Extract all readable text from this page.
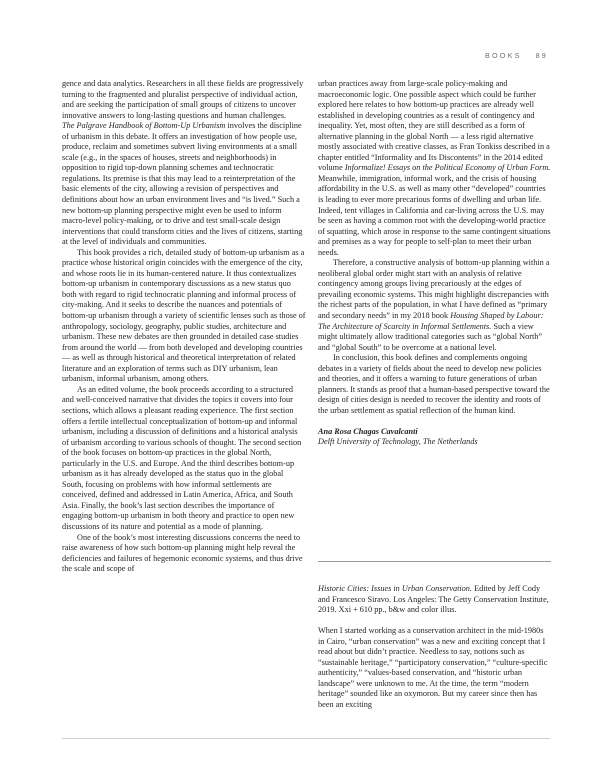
BOOKS 89

gence and data analytics. Researchers in all these fields are progressively turning to the fragmented and pluralist perspective of individual action, and are seeking the participation of small groups of citizens to uncover innovative answers to long-lasting questions and human challenges. The Palgrave Handbook of Bottom-Up Urbanism involves the discipline of urbanism in this debate. It offers an investigation of how people use, produce, reclaim and sometimes subvert living environments at a small scale (e.g., in the spaces of houses, streets and neighborhoods) in opposition to rigid top-down planning schemes and technocratic regulations. Its premise is that this may lead to a reinterpretation of the basic elements of the city, allowing a revision of perspectives and definitions about how an urban environment lives and “is lived.” Such a new bottom-up planning perspective might even be used to inform macro-level policy-making, or to drive and test small-scale design interventions that could transform cities and the lives of citizens, starting at the level of individuals and communities.

This book provides a rich, detailed study of bottom-up urbanism as a practice whose historical origin coincides with the emergence of the city, and whose roots lie in its human-centered nature. It thus contextualizes bottom-up urbanism in contemporary discussions as a new status quo both with regard to rigid technocratic planning and informal process of city-making. And it seeks to describe the nuances and potentials of bottom-up urbanism through a variety of scientific lenses such as those of anthropology, sociology, geography, public studies, architecture and urbanism. These new debates are then grounded in detailed case studies from around the world — from both developed and developing countries — as well as through historical and theoretical interpretation of related literature and an exploration of terms such as DIY urbanism, lean urbanism, informal urbanism, among others.

As an edited volume, the book proceeds according to a structured and well-conceived narrative that divides the topics it covers into four sections, which allows a pleasant reading experience. The first section offers a fertile intellectual conceptualization of bottom-up and informal urbanism, including a discussion of definitions and a historical analysis of urbanism according to various schools of thought. The second section of the book focuses on bottom-up practices in the global North, particularly in the U.S. and Europe. And the third describes bottom-up urbanism as it has already developed as the status quo in the global South, focusing on problems with how informal settlements are conceived, defined and addressed in Latin America, Africa, and South Asia. Finally, the book’s last section describes the importance of engaging bottom-up urbanism in both theory and practice to open new discussions of its nature and potential as a mode of planning.

One of the book’s most interesting discussions concerns the need to raise awareness of how such bottom-up planning might help reveal the deficiencies and failures of hegemonic economic systems, and thus drive the scale and scope of

urban practices away from large-scale policy-making and macroeconomic logic. One possible aspect which could be further explored here relates to how bottom-up practices are already well established in developing countries as a result of contingency and inequality. Yet, most often, they are still described as a form of alternative planning in the global North — a less rigid alternative mostly associated with creative classes, as Fran Tonkiss described in a chapter entitled “Informality and Its Discontents” in the 2014 edited volume Informalize! Essays on the Political Economy of Urban Form. Meanwhile, immigration, informal work, and the crisis of housing affordability in the U.S. as well as many other “developed” countries is leading to ever more precarious forms of dwelling and urban life. Indeed, tent villages in California and car-living across the U.S. may be seen as having a common root with the developing-world practice of squatting, which arose in response to the same contingent situations and premises as a way for people to self-plan to meet their urban needs.

Therefore, a constructive analysis of bottom-up planning within a neoliberal global order might start with an analysis of relative contingency among groups living precariously at the edges of prevailing economic systems. This might highlight discrepancies with the richest parts of the population, in what I have defined as “primary and secondary needs” in my 2018 book Housing Shaped by Labour: The Architecture of Scarcity in Informal Settlements. Such a view might ultimately allow traditional categories such as “global North” and “global South” to be overcome at a national level.

In conclusion, this book defines and complements ongoing debates in a variety of fields about the need to develop new policies and theories, and it offers a warning to future generations of urban planners. It stands as proof that a human-based perspective toward the design of cities design is needed to recover the identity and roots of the urban settlement as spatial reflection of the human kind.

Ana Rosa Chagas Cavalcanti

Delft University of Technology, The Netherlands

Historic Cities: Issues in Urban Conservation. Edited by Jeff Cody and Francesco Siravo. Los Angeles: The Getty Conservation Institute, 2019. Xxi + 610 pp., b&w and color illus.

When I started working as a conservation architect in the mid-1980s in Cairo, “urban conservation” was a new and exciting concept that I read about but didn’t practice. Needless to say, notions such as “sustainable heritage,” “participatory conservation,” “culture-specific authenticity,” “values-based conservation, and “historic urban landscape” were unknown to me. At the time, the term “modern heritage” sounded like an oxymoron. But my career since then has been an exciting
